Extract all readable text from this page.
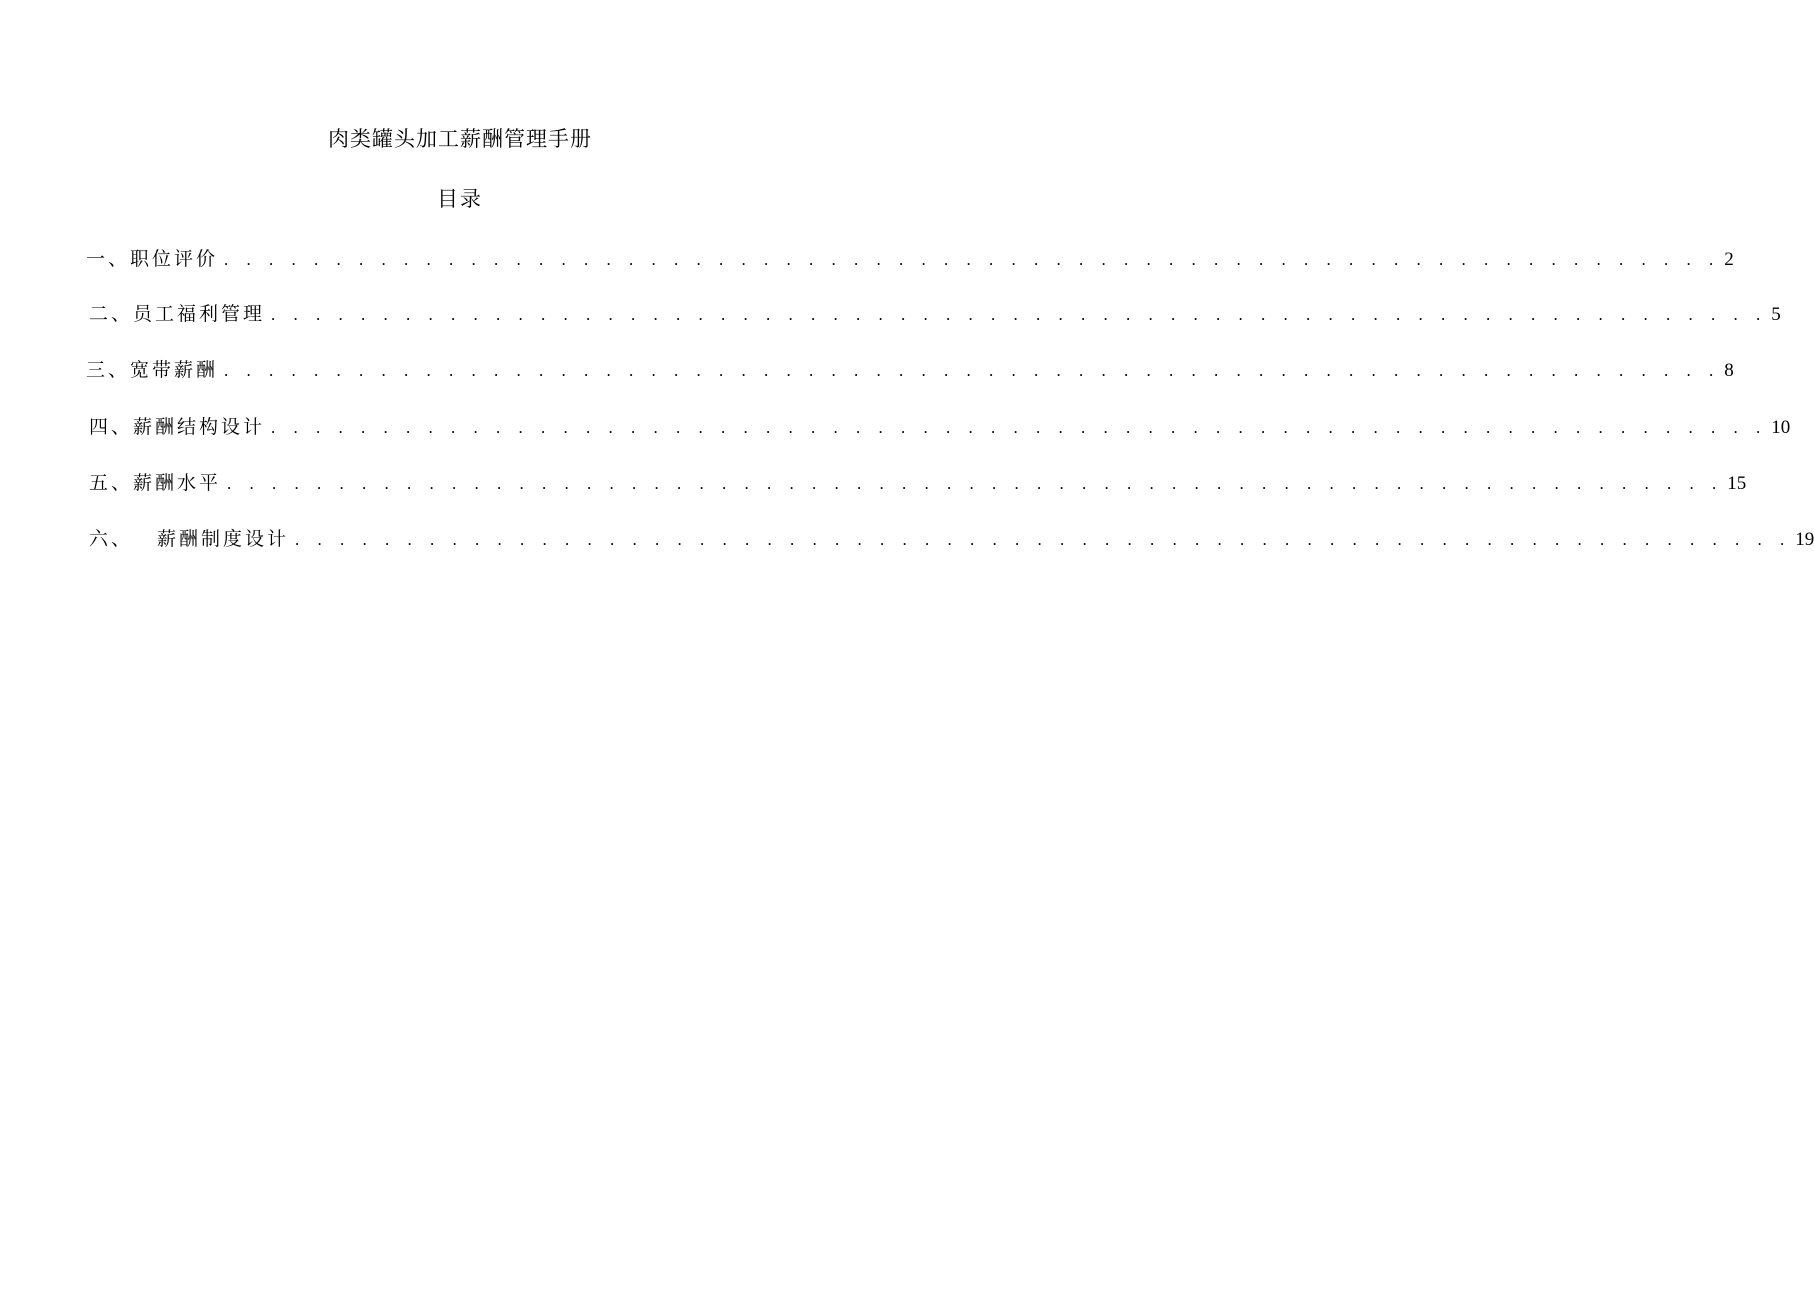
肉类罐头加工薪酬管理手册
目录
一、职位评价 . . . . . . . . . . . . . . . . . . . . . . . . . . . . . . . . . . . . . . . . . . . . . . . . . . . . . . . . . . . . . . . . . . . 2
二、员工福利管理 . . . . . . . . . . . . . . . . . . . . . . . . . . . . . . . . . . . . . . . . . . . . . . . . . . . . . . . . . . . . . . . . . . . 5
三、宽带薪酬 . . . . . . . . . . . . . . . . . . . . . . . . . . . . . . . . . . . . . . . . . . . . . . . . . . . . . . . . . . . . . . . . . . . 8
四、薪酬结构设计 . . . . . . . . . . . . . . . . . . . . . . . . . . . . . . . . . . . . . . . . . . . . . . . . . . . . . . . . . . . . . . . . . . . 10
五、薪酬水平 . . . . . . . . . . . . . . . . . . . . . . . . . . . . . . . . . . . . . . . . . . . . . . . . . . . . . . . . . . . . . . . . . . . 15
六、 薪酬制度设计 . . . . . . . . . . . . . . . . . . . . . . . . . . . . . . . . . . . . . . . . . . . . . . . . . . . . . . . . . . . . . . . . . . . 19
